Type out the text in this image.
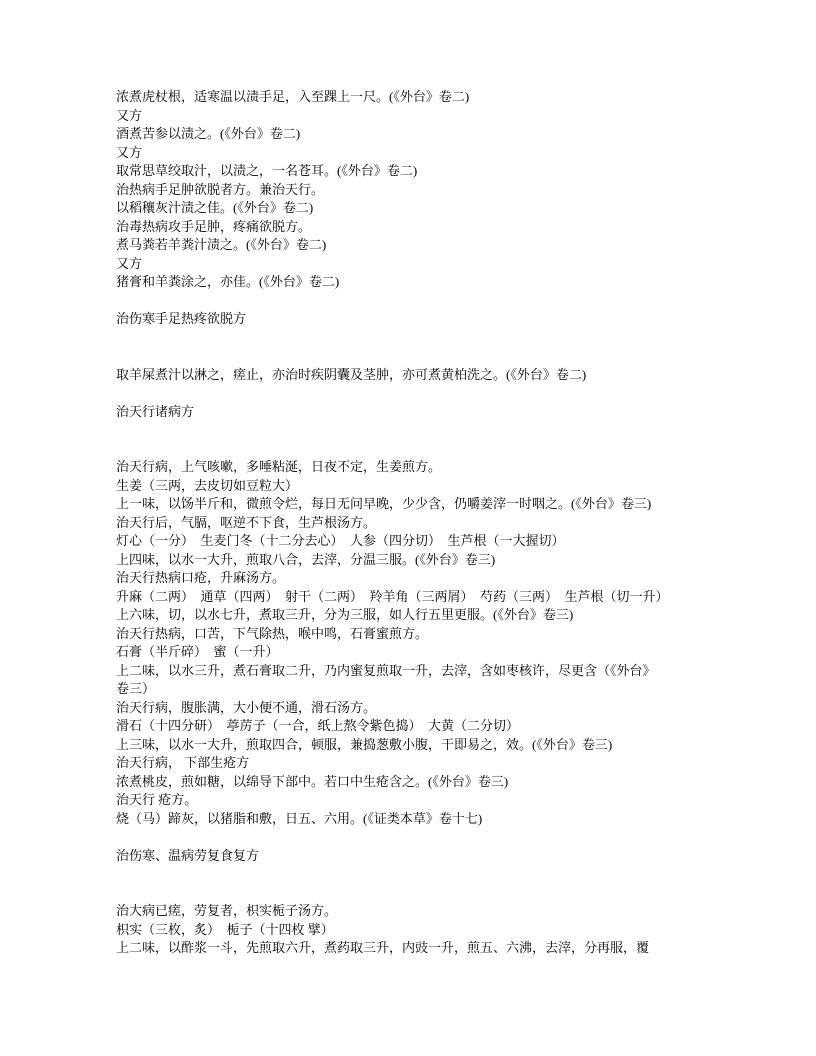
浓煮虎杖根，适寒温以渍手足，入至踝上一尺。(《外台》卷二)
又方
酒煮苦参以渍之。(《外台》卷二)
又方
取常思草绞取汁，以渍之，一名苍耳。(《外台》卷二)
治热病手足肿欲脱者方。兼治天行。
以稻穰灰汁渍之佳。(《外台》卷二)
治毒热病攻手足肿，疼痛欲脱方。
煮马粪若羊粪汁渍之。(《外台》卷二)
又方
猪膏和羊粪涂之，亦佳。(《外台》卷二)
治伤寒手足热疼欲脱方
取羊屎煮汁以淋之，瘥止，亦治时疾阴囊及茎肿，亦可煮黄柏洗之。(《外台》卷二)
治天行诸病方
治天行病，上气咳嗽，多唾粘涎，日夜不定，生姜煎方。
生姜（三两，去皮切如豆粒大）
上一味，以饧半斤和，微煎令烂，每日无问早晚，少少含，仍嚼姜滓一时咽之。(《外台》卷三)
治天行后，气膈，呕逆不下食，生芦根汤方。
灯心（一分）　生麦门冬（十二分去心）　人参（四分切）　生芦根（一大握切）
上四味，以水一大升，煎取八合，去滓，分温三服。(《外台》卷三)
治天行热病口疮，升麻汤方。
升麻（二两）　通草（四两）　射干（二两）　羚羊角（三两屑）　芍药（三两）　生芦根（切一升）
上六味，切，以水七升，煮取三升，分为三服，如人行五里更服。(《外台》卷三)
治天行热病，口苦，下气除热，喉中鸣，石膏蜜煎方。
石膏（半斤碎）　蜜（一升）
上二味，以水三升，煮石膏取二升，乃内蜜复煎取一升，去滓，含如枣核许，尽更含（《外台》
卷三）
治天行病，腹胀满，大小便不通，滑石汤方。
滑石（十四分研）　葶苈子（一合，纸上熬令紫色捣）　大黄（二分切）
上三味，以水一大升，煎取四合，顿服，兼捣葱敷小腹，干即易之，效。(《外台》卷三)
治天行病， 下部生疮方
浓煮桃皮，煎如糖，以绵导下部中。若口中生疮含之。(《外台》卷三)
治天行 疮方。
烧（马）蹄灰，以猪脂和敷，日五、六用。(《证类本草》卷十七)
治伤寒、温病劳复食复方
治大病已瘥，劳复者，枳实栀子汤方。
枳实（三枚，炙）　栀子（十四枚 擘）
上二味，以酢浆一斗，先煎取六升，煮药取三升，内豉一升，煎五、六沸，去滓，分再服，覆
